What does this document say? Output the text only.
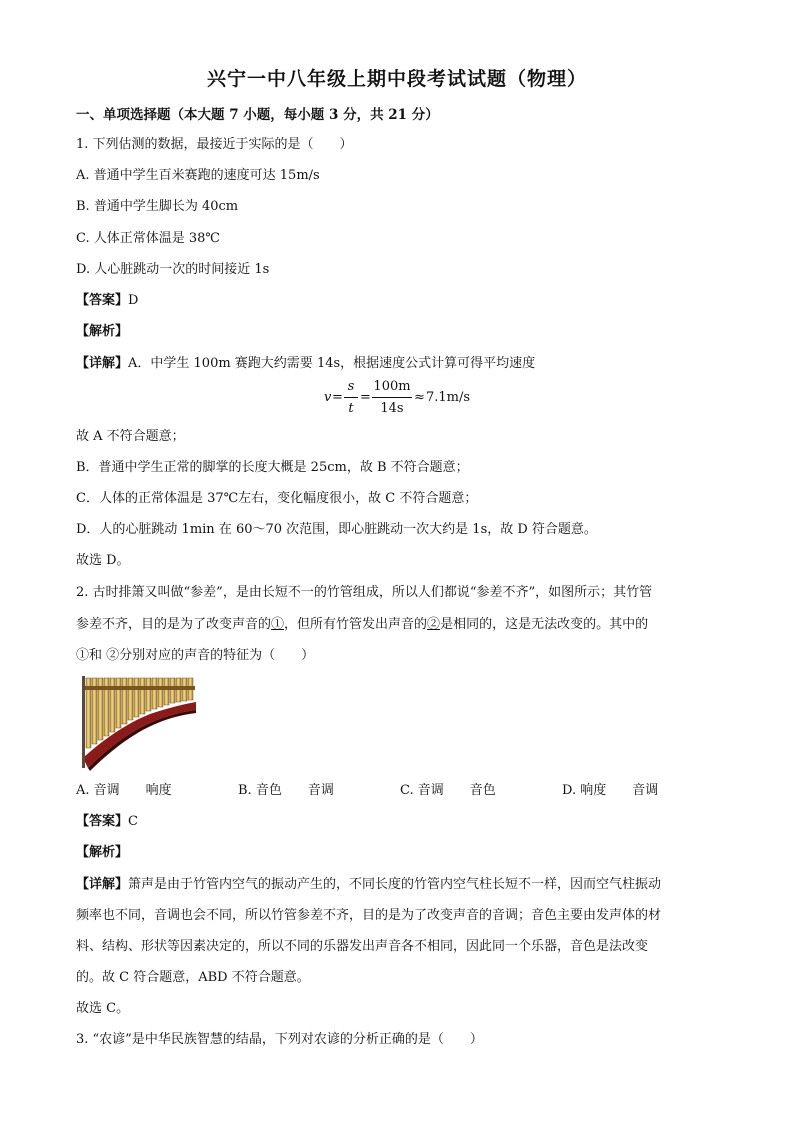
兴宁一中八年级上期中段考试试题（物理）
一、单项选择题（本大题 7 小题，每小题 3 分，共 21 分）
1. 下列估测的数据，最接近于实际的是（　　）
A. 普通中学生百米赛跑的速度可达 15m/s
B. 普通中学生脚长为 40cm
C. 人体正常体温是 38℃
D. 人心脏跳动一次的时间接近 1s
【答案】D
【解析】
【详解】A．中学生 100m 赛跑大约需要 14s，根据速度公式计算可得平均速度
v =
s
t
=
100m
14s
≈ 7.1m/s
故 A 不符合题意；
B．普通中学生正常的脚掌的长度大概是 25cm，故 B 不符合题意；
C．人体的正常体温是 37℃左右，变化幅度很小，故 C 不符合题意；
D．人的心脏跳动 1min 在 60～70 次范围，即心脏跳动一次大约是 1s，故 D 符合题意。
故选 D。
2. 古时排箫又叫做“参差”，是由长短不一的竹管组成，所以人们都说“参差不齐”，如图所示；其竹管
参差不齐，目的是为了改变声音的①，但所有竹管发出声音的②是相同的，这是无法改变的。其中的
①和 ②分别对应的声音的特征为（　　）
A. 音调　　响度	B. 音色　　音调	C. 音调　　音色	D. 响度　　音调
【答案】C
【解析】
【详解】箫声是由于竹管内空气的振动产生的，不同长度的竹管内空气柱长短不一样，因而空气柱振动
频率也不同，音调也会不同，所以竹管参差不齐，目的是为了改变声音的音调；音色主要由发声体的材
料、结构、形状等因素决定的，所以不同的乐器发出声音各不相同，因此同一个乐器，音色是法改变
的。故 C 符合题意，ABD 不符合题意。
故选 C。
3. “农谚”是中华民族智慧的结晶，下列对农谚的分析正确的是（　　）
